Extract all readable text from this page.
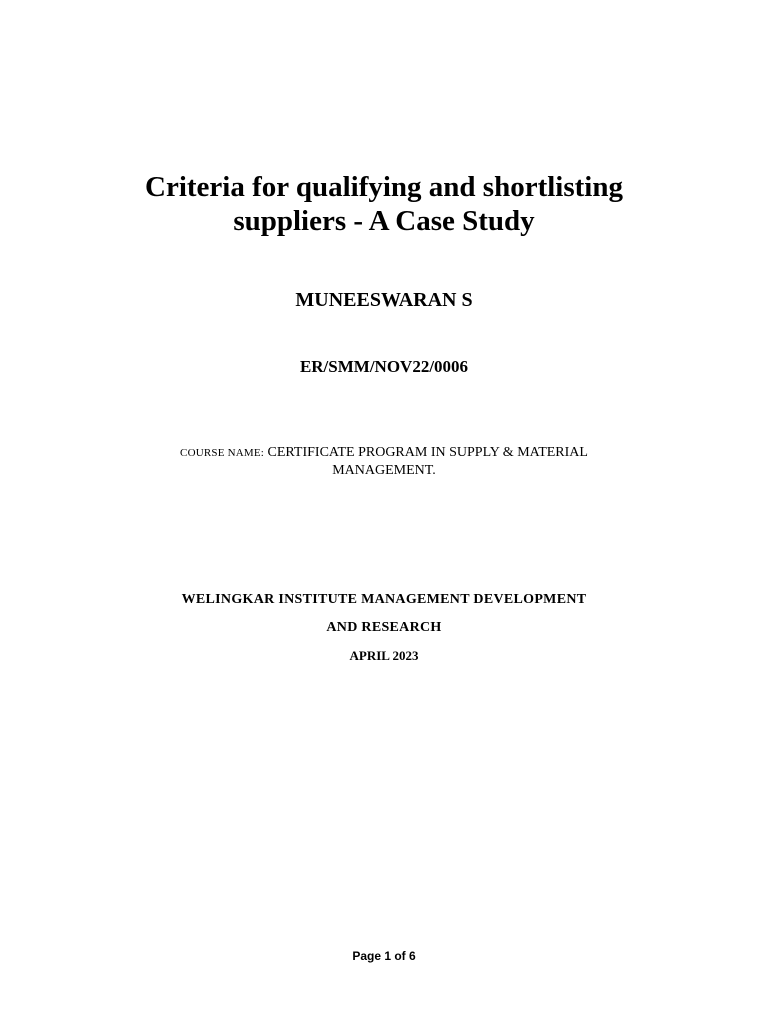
Criteria for qualifying and shortlisting
suppliers - A Case Study
MUNEESWARAN S
ER/SMM/NOV22/0006
COURSE NAME: CERTIFICATE PROGRAM IN SUPPLY & MATERIAL
MANAGEMENT.
WELINGKAR INSTITUTE MANAGEMENT DEVELOPMENT
AND RESEARCH
APRIL 2023
Page 1 of 6
